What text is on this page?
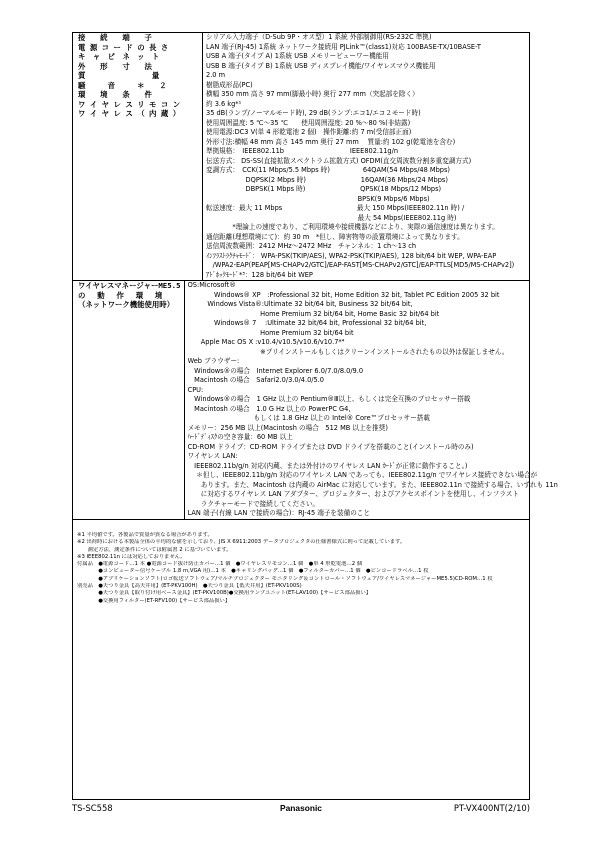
接　　続　　端　　子
電 源 コ ー ド の 長 さ
キ　ャ　ビ　ネ　ッ　ト
外　　形　　寸　　法
質　　　　　　　　　量
騒　　　音　　　＊　　２
環　　境　　条　　件
ワ イ ヤ レ ス リ モ コ ン
ワ イ ヤ レ ス （ 内 蔵 ）
シリアル入力端子（D-Sub 9P・オス型）1 系統 外部制御用(RS-232C 準拠)
LAN 端子(RJ-45) 1系統 ネットワーク接続用 PJLink™(class1)対応 100BASE-TX/10BASE-T
USB A 端子(タイプ A) 1系統 USB メモリービューワー機能用
USB B 端子(タイプ B) 1系統 USB ディスプレイ機能/ワイヤレスマウス機能用
2.0 m
樹脂成形品(PC)
横幅 350 mm 高さ 97 mm(脚最小時) 奥行 277 mm（突起部を除く）
約 3.6 kg*¹
35 dB(ランプ/ノーマルモード時), 29 dB(ランプ:エコ1/エコ２モード時)
使用周囲温度: 5 ℃～35 ℃　　使用周囲湿度: 20 %～80 %(非結露)
使用電源:DC3 V(単 4 形乾電池 2 個)　操作距離:約 7 m(受信部正面)
外形寸法:横幅 48 mm 高さ 145 mm 奥行 27 mm　 質量:約 102 g(乾電池を含む)
準拠規格：　IEEE802.11b　　　　　　　　　　IEEE802.11g/n
伝送方式： DS-SS(直接拡散スペクトラム拡散方式) OFDM(直交周波数分割多重変調方式)
変調方式：　CCK(11 Mbps/5.5 Mbps 時)　　　　　64QAM(54 Mbps/48 Mbps)
　　　　　　DQPSK(2 Mbps 時)　　　　　　　　 16QAM(36 Mbps/24 Mbps)
　　　　　　DBPSK(1 Mbps 時)　　　　　　　　 QPSK(18 Mbps/12 Mbps)
　　　　　　　　　　　　　　　　　　　　　　　BPSK(9 Mbps/6 Mbps)
転送速度：最大 11 Mbps　　　　　　　　　　　 最大 150 Mbps(IEEE802.11n 時) /
　　　　　　　　　　　　　　　　　　　　　　　最大 54 Mbps(IEEE802.11g 時)
　　　　*理論上の速度であり、ご利用環境や接続機器などにより、実際の通信速度は異なります。
通信距離(理想環境にて)：約 30 m　*但し、障害物等の設置環境によって異なります。
送信周波数範囲：2412 MHz～2472 MHz　チャンネル：1 ch～13 ch
ｲﾝﾌﾗｽﾄﾗｸﾁｬﾓｰﾄﾞ： WPA-PSK(TKIP/AES), WPA2-PSK(TKIP/AES), 128 bit/64 bit WEP, WPA-EAP
　/WPA2-EAP(PEAP[MS-CHAPv2/GTC]/EAP-FAST[MS-CHAPv2/GTC]/EAP-TTLS[MD5/MS-CHAPv2])
ｱﾄﾞﾎｯｸﾓｰﾄﾞ*³：128 bit/64 bit WEP
ワイヤレスマネージャーME5.5
の　 動　 作　 環　 境
（ネットワーク機能使用時）
OS:Microsoft®
　　　　Windows® XP　:Professional 32 bit, Home Edition 32 bit, Tablet PC Edition 2005 32 bit
　　　Windows Vista®:Ultimate 32 bit/64 bit, Business 32 bit/64 bit,
　　　　　　　　　　　Home Premium 32 bit/64 bit, Home Basic 32 bit/64 bit
　　　　Windows® 7　 :Ultimate 32 bit/64 bit, Professional 32 bit/64 bit,
　　　　　　　　　　　Home Premium 32 bit/64 bit
　　Apple Mac OS X :v10.4/v10.5/v10.6/v10.7*⁴
　　　　　　　　　　　※プリインストールもしくはクリーンインストールされたもの以外は保証しません。
Web ブラウザー:
　Windows®の場合　Internet Explorer 6.0/7.0/8.0/9.0
　Macintosh の場合　Safari2.0/3.0/4.0/5.0
CPU:
　Windows®の場合　1 GHz 以上の Pentium®Ⅲ以上、もしくは完全互換のプロセッサー搭載
　Macintosh の場合　1.0 G Hz 以上の PowerPC G4,
　　　　　　　　　　もしくは 1.8 GHz 以上の Intel® Core™プロセッサー搭載
メモリー：256 MB 以上(Macintosh の場合　512 MB 以上を推奨)
ﾊｰﾄﾞﾃﾞｨｽｸの空き容量：60 MB 以上
CD-ROM ドライブ：CD-ROM ドライブまたは DVD ドライブを搭載のこと(インストール時のみ)
ワイヤレス LAN:
　IEEE802.11b/g/n 対応(内蔵、または外付けのワイヤレス LAN ｶｰﾄﾞが正常に動作すること。)
　 ＊但し、IEEE802.11b/g/n 対応のワイヤレス LAN であっても、IEEE802.11g/n でワイヤレス接続できない場合が
　　あります。また、Macintosh は内蔵の AirMac に対応しています。また、IEEE802.11n で接続する場合、いずれも 11n
　　に対応するワイヤレス LAN アダプター、プロジェクター、およびアクセスポイントを使用し、インフラスト
　　ラクチャーモードで接続してください。
LAN 端子(有線 LAN で接続の場合)：RJ-45 端子を装備のこと
※1 平均値です。各製品で質量が異なる場合があります。
※2 出荷時における本製品全体の平均的な値を示しており、JIS X 6911:2003 データプロジェクタの仕様書様式に則って記載しています。
　　測定方法、測定条件については附属書 2 に基づいています。
※3 IEEE802.11n には対応しておりません。
付属品　●電源コード…1 本 ●電源コード抜け防止カバー…1 個　●ワイヤレスリモコン…1 個　●単 4 形乾電池…2 個
　　　　●コンピューター信号ケーブル 1.8 m,VGA 用)…1 本　●キャリングバッグ…1 個　●フィルターカバー…1 個　●ビンコードラベル…1 枚
　　　　●アプリケーションソフト(ロゴ転送ソフトウェア/マルチプロジェクター モニタリング＆コントロール・ソフトウェア/ワイヤレスマネージャーME5.5)CD-ROM…1 枚
別売品　●天つり金具【高天井用】(ET-PKV100H)　●天つり金具【低天井用】(ET-PKV100S)
　　　　●天つり金具【取り付け用ベース金具】(ET-PKV100B)●交換用ランプユニット(ET-LAV100)【サービス部品扱い】
　　　　●交換用フィルター(ET-RFV100)【サービス部品扱い】
TS-SC558	Panasonic	PT-VX400NT(2/10)
